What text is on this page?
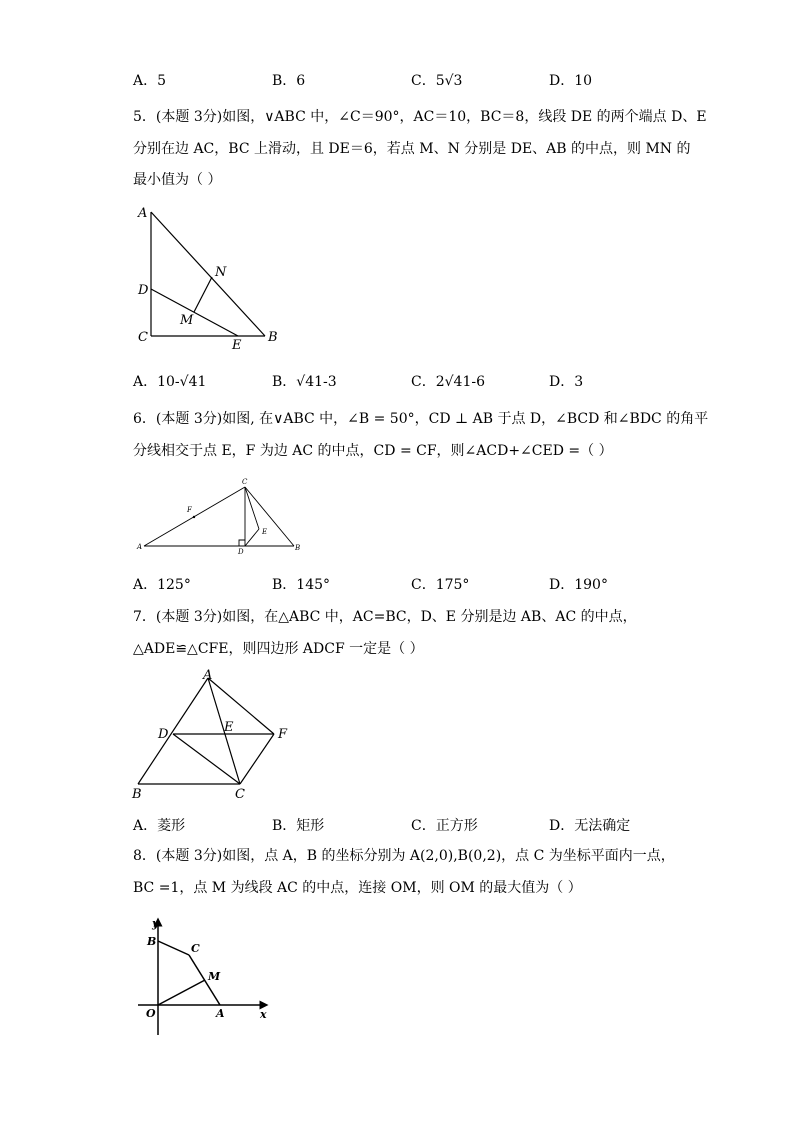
A．5	B．6	C．5√3	D．10
5．(本题 3分)如图，∨ABC 中，∠C＝90°，AC＝10，BC＝8，线段 DE 的两个端点 D、E
分别在边 AC，BC 上滑动，且 DE＝6，若点 M、N 分别是 DE、AB 的中点，则 MN 的
最小值为（ ）
A
N
D
M
C
E
B
A．10-√41	B．√41-3	C．2√41-6	D．3
6．(本题 3分)如图, 在∨ABC 中，∠B = 50°，CD ⊥ AB 于点 D，∠BCD 和∠BDC 的角平
分线相交于点 E，F 为边 AC 的中点，CD = CF，则∠ACD+∠CED =（ ）
C
F
E
A
D	B
A．125°	B．145°	C．175°	D．190°
7．(本题 3分)如图，在△ABC 中，AC=BC，D、E 分别是边 AB、AC 的中点，
△ADE≌△CFE，则四边形 ADCF 一定是（ ）
A
D	E	F
B	C
A．菱形	B．矩形	C．正方形	D．无法确定
8．(本题 3分)如图，点 A，B 的坐标分别为 A(2,0),B(0,2)，点 C 为坐标平面内一点，
BC =1，点 M 为线段 AC 的中点，连接 OM，则 OM 的最大值为（ ）
y
B
C
M
O	A	x
